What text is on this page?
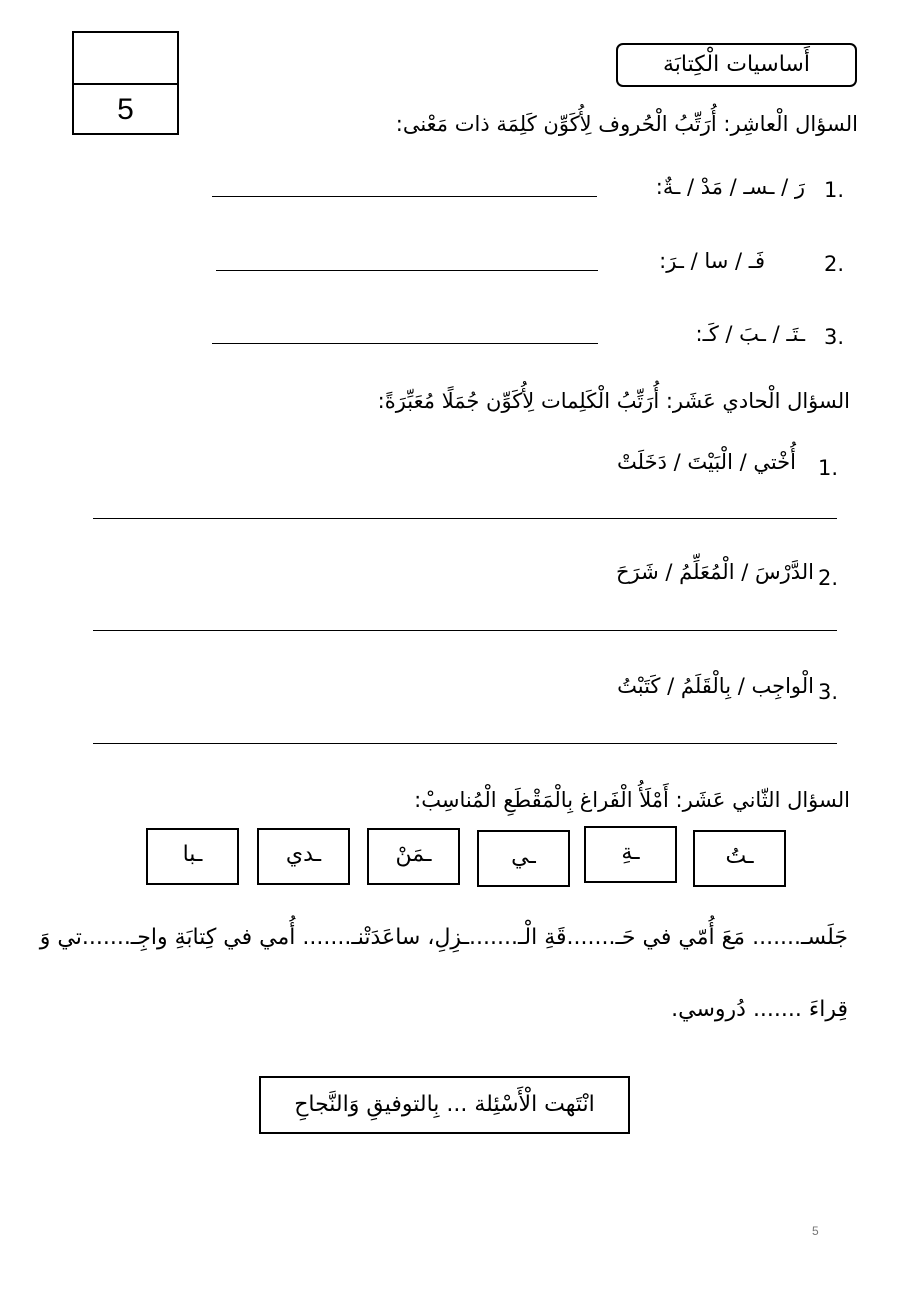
5
أَساسيات الْكِتابَة
السؤال الْعاشِر: أُرَتِّبُ الْحُروف لِأُكَوِّن كَلِمَة ذات مَعْنى:
1.
رَ / ـسـ / مَدْ / ـةٌ:
2.
فَـ / سا / ـرَ:
3.
ـتَـ / ـبَ / كَـ:
السؤال الْحادي عَشَر: أُرَتِّبُ الْكَلِمات لِأُكَوِّن جُمَلًا مُعَبِّرَةً:
1.
أُخْتي / الْبَيْتَ / دَخَلَتْ
2.
الدَّرْسَ / الْمُعَلِّمُ / شَرَحَ
3.
الْواجِب / بِالْقَلَمُ / كَتَبْتُ
السؤال الثّاني عَشَر: أَمْلَأُ الْفَراغ بِالْمَقْطَعِ الْمُناسِبْ:
ـبا	ـدي	ـمَنْ	ـي	ـةِ	ـتُ
جَلَسـ....... مَعَ أُمّي في حَـ.......قَةِ الْـ.......ـزِلِ، ساعَدَتْنـ....... أُمي في كِتابَةِ واجِـ.......تي وَ
قِراءَ ....... دُروسي.
انْتَهت الْأَسْئِلة ... بِالتوفيقِ وَالنَّجاحِ
5
